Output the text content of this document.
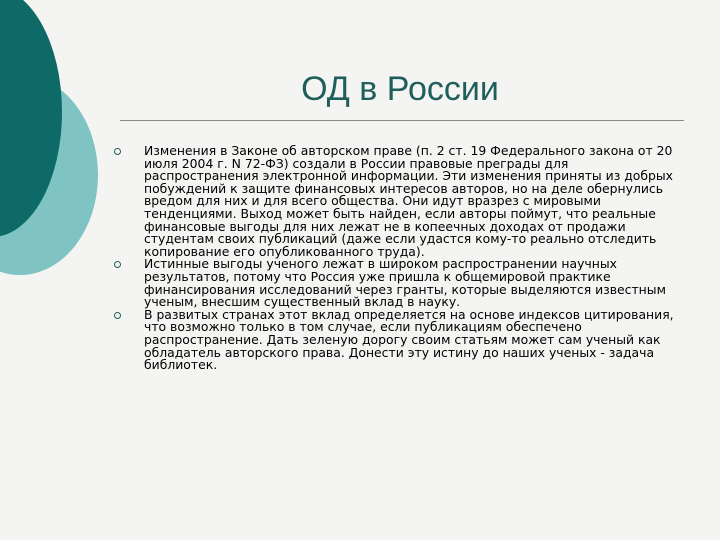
ОД в России
Изменения в Законе об авторском праве (п. 2 ст. 19 Федерального закона от 20 июля 2004 г. N 72-ФЗ) создали в России правовые преграды для распространения электронной информации. Эти изменения приняты из добрых побуждений к защите финансовых интересов авторов, но на деле обернулись вредом для них и для всего общества. Они идут вразрез с мировыми тенденциями. Выход может быть найден, если авторы поймут, что реальные финансовые выгоды для них лежат не в копеечных доходах от продажи студентам своих публикаций (даже если удастся кому-то реально отследить копирование его опубликованного труда).
Истинные выгоды ученого лежат в широком распространении научных результатов, потому что Россия уже пришла к общемировой практике финансирования исследований через гранты, которые выделяются известным ученым, внесшим существенный вклад в науку.
В развитых странах этот вклад определяется на основе индексов цитирования, что возможно только в том случае, если публикациям обеспечено распространение. Дать зеленую дорогу своим статьям может сам ученый как обладатель авторского права. Донести эту истину до наших ученых - задача библиотек.
